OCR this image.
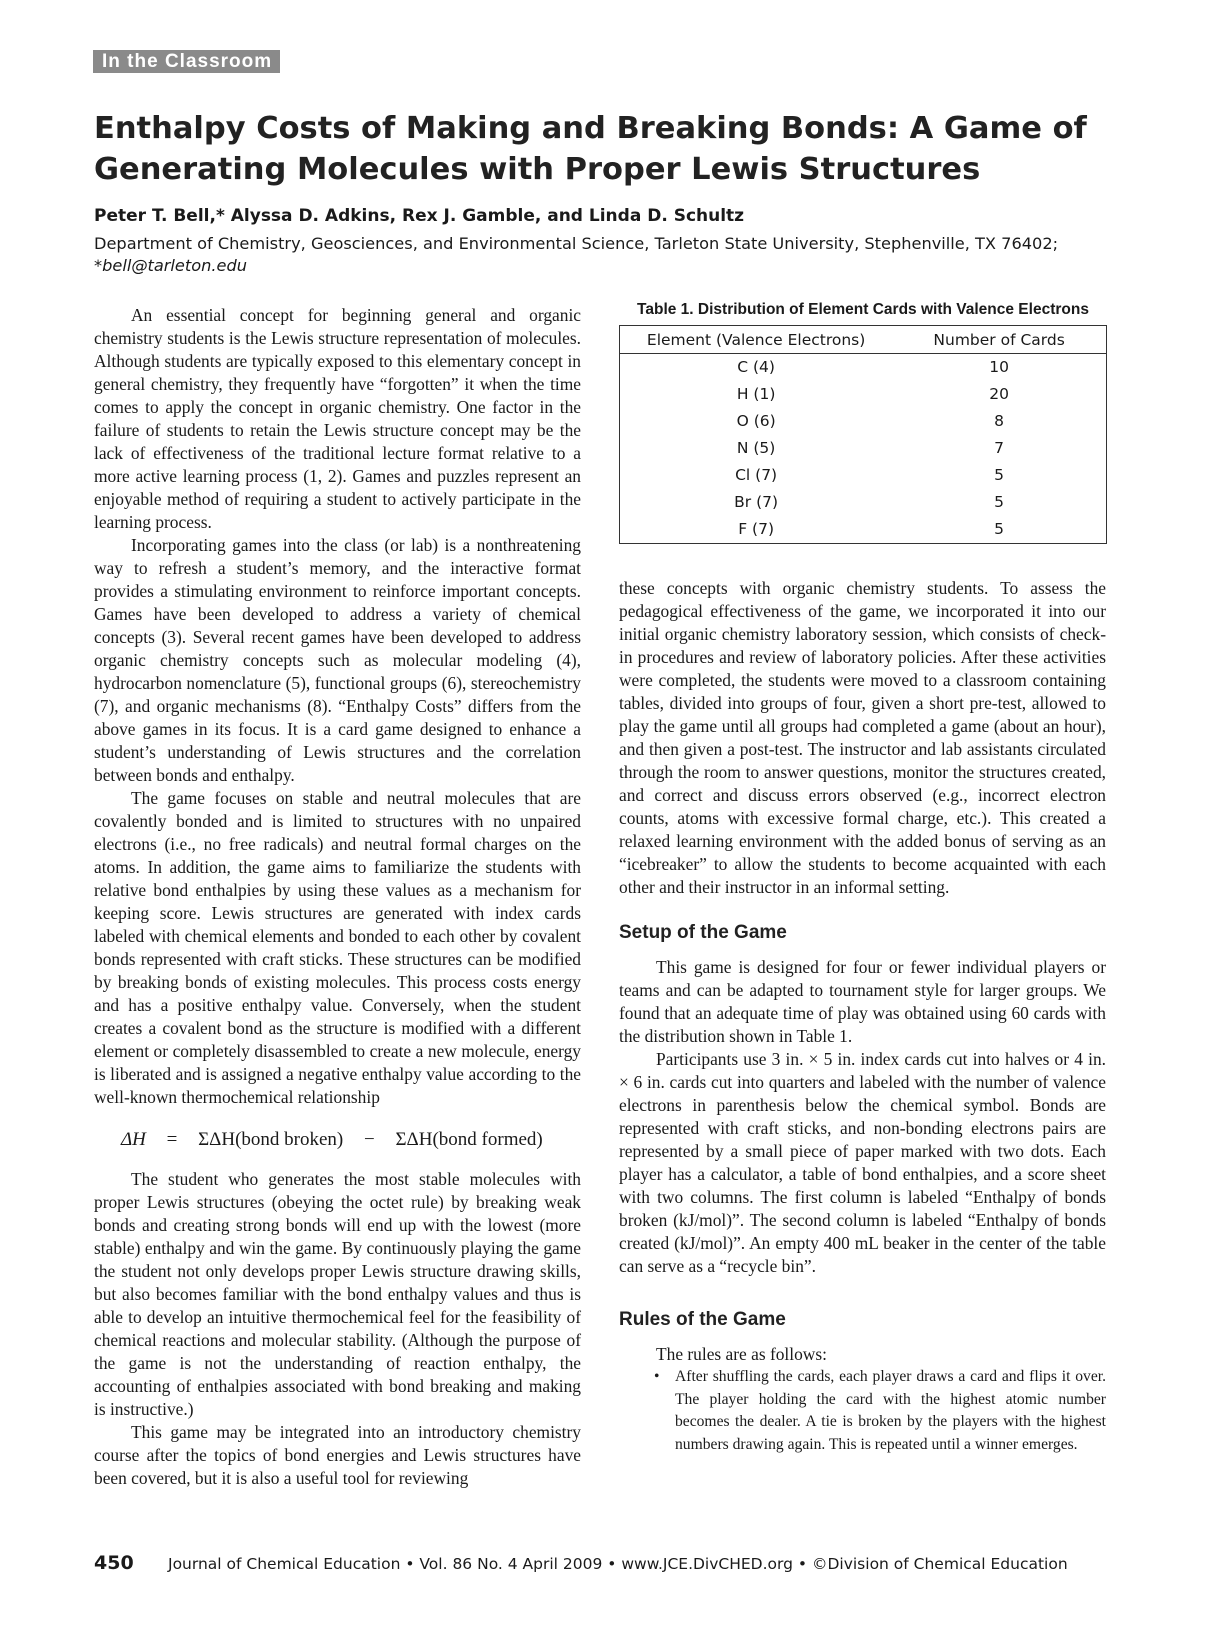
In the Classroom
Enthalpy Costs of Making and Breaking Bonds: A Game of Generating Molecules with Proper Lewis Structures
Peter T. Bell,* Alyssa D. Adkins, Rex J. Gamble, and Linda D. Schultz
Department of Chemistry, Geosciences, and Environmental Science, Tarleton State University, Stephenville, TX 76402;
*bell@tarleton.edu

An essential concept for beginning general and organic chemistry students is the Lewis structure representation of molecules. Although students are typically exposed to this elementary concept in general chemistry, they frequently have “forgotten” it when the time comes to apply the concept in organic chemistry. One factor in the failure of students to retain the Lewis structure concept may be the lack of effectiveness of the traditional lecture format relative to a more active learning process (1, 2). Games and puzzles represent an enjoyable method of requiring a student to actively participate in the learning process.

Incorporating games into the class (or lab) is a nonthreatening way to refresh a student’s memory, and the interactive format provides a stimulating environment to reinforce important concepts. Games have been developed to address a variety of chemical concepts (3). Several recent games have been developed to address organic chemistry concepts such as molecular modeling (4), hydrocarbon nomenclature (5), functional groups (6), stereochemistry (7), and organic mechanisms (8). “Enthalpy Costs” differs from the above games in its focus. It is a card game designed to enhance a student’s understanding of Lewis structures and the correlation between bonds and enthalpy.

The game focuses on stable and neutral molecules that are covalently bonded and is limited to structures with no unpaired electrons (i.e., no free radicals) and neutral formal charges on the atoms. In addition, the game aims to familiarize the students with relative bond enthalpies by using these values as a mechanism for keeping score. Lewis structures are generated with index cards labeled with chemical elements and bonded to each other by covalent bonds represented with craft sticks. These structures can be modified by breaking bonds of existing molecules. This process costs energy and has a positive enthalpy value. Conversely, when the student creates a covalent bond as the structure is modified with a different element or completely disassembled to create a new molecule, energy is liberated and is assigned a negative enthalpy value according to the well-known thermochemical relationship

ΔH = ΣΔH(bond broken) − ΣΔH(bond formed)

The student who generates the most stable molecules with proper Lewis structures (obeying the octet rule) by breaking weak bonds and creating strong bonds will end up with the lowest (more stable) enthalpy and win the game. By continuously playing the game the student not only develops proper Lewis structure drawing skills, but also becomes familiar with the bond enthalpy values and thus is able to develop an intuitive thermochemical feel for the feasibility of chemical reactions and molecular stability. (Although the purpose of the game is not the understanding of reaction enthalpy, the accounting of enthalpies associated with bond breaking and making is instructive.)

This game may be integrated into an introductory chemistry course after the topics of bond energies and Lewis structures have been covered, but it is also a useful tool for reviewing

Table 1. Distribution of Element Cards with Valence Electrons
Element (Valence Electrons)	Number of Cards
C (4)	10
H (1)	20
O (6)	8
N (5)	7
Cl (7)	5
Br (7)	5
F (7)	5

these concepts with organic chemistry students. To assess the pedagogical effectiveness of the game, we incorporated it into our initial organic chemistry laboratory session, which consists of check-in procedures and review of laboratory policies. After these activities were completed, the students were moved to a classroom containing tables, divided into groups of four, given a short pre-test, allowed to play the game until all groups had completed a game (about an hour), and then given a post-test. The instructor and lab assistants circulated through the room to answer questions, monitor the structures created, and correct and discuss errors observed (e.g., incorrect electron counts, atoms with excessive formal charge, etc.). This created a relaxed learning environment with the added bonus of serving as an “icebreaker” to allow the students to become acquainted with each other and their instructor in an informal setting.

Setup of the Game

This game is designed for four or fewer individual players or teams and can be adapted to tournament style for larger groups. We found that an adequate time of play was obtained using 60 cards with the distribution shown in Table 1.

Participants use 3 in. × 5 in. index cards cut into halves or 4 in. × 6 in. cards cut into quarters and labeled with the number of valence electrons in parenthesis below the chemical symbol. Bonds are represented with craft sticks, and non-bonding electrons pairs are represented by a small piece of paper marked with two dots. Each player has a calculator, a table of bond enthalpies, and a score sheet with two columns. The first column is labeled “Enthalpy of bonds broken (kJ/mol)”. The second column is labeled “Enthalpy of bonds created (kJ/mol)”. An empty 400 mL beaker in the center of the table can serve as a “recycle bin”.

Rules of the Game

The rules are as follows:

• After shuffling the cards, each player draws a card and flips it over. The player holding the card with the highest atomic number becomes the dealer. A tie is broken by the players with the highest numbers drawing again. This is repeated until a winner emerges.
450 Journal of Chemical Education • Vol. 86 No. 4 April 2009 • www.JCE.DivCHED.org • ©Division of Chemical Education
